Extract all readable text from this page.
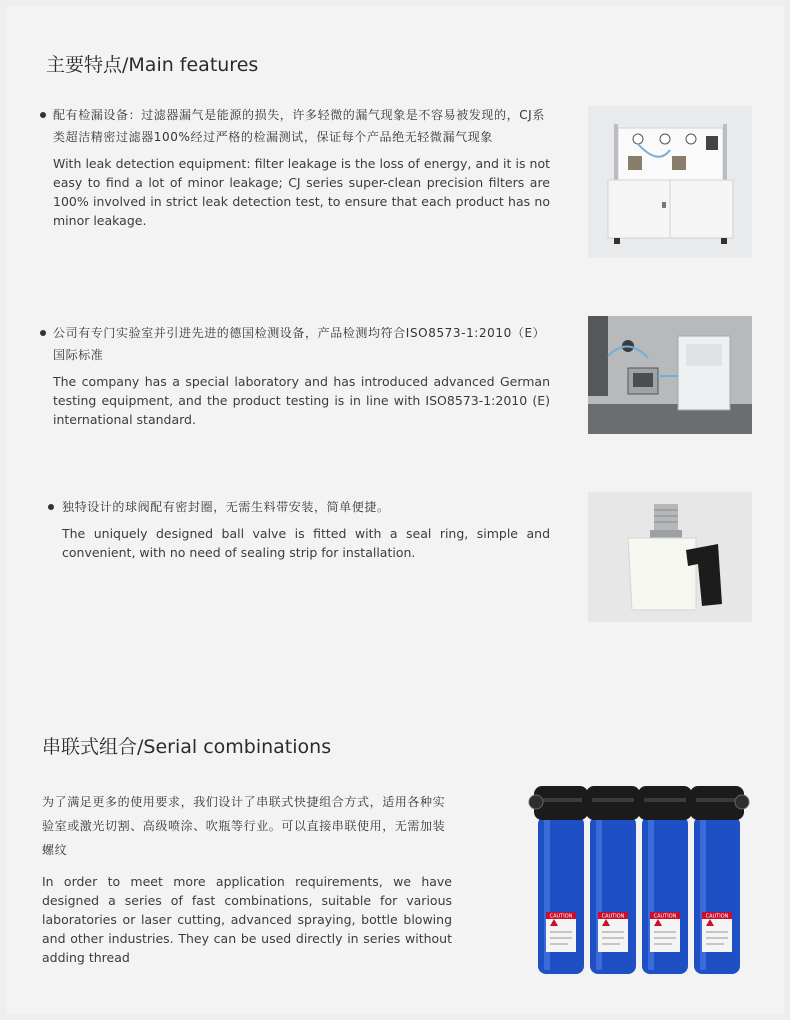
主要特点/Main features

配有检漏设备：过滤器漏气是能源的损失，许多轻微的漏气现象是不容易被发现的，CJ系类超洁精密过滤器100%经过严格的检漏测试，保证每个产品绝无轻微漏气现象

With leak detection equipment: filter leakage is the loss of energy, and it is not easy to find a lot of minor leakage; CJ series super-clean precision filters are 100% involved in strict leak detection test, to ensure that each product has no minor leakage.

公司有专门实验室并引进先进的德国检测设备，产品检测均符合ISO8573-1:2010（E）国际标准

The company has a special laboratory and has introduced advanced German testing equipment, and the product testing is in line with ISO8573-1:2010 (E) international standard.

独特设计的球阀配有密封圈，无需生料带安装，简单便捷。

The uniquely designed ball valve is fitted with a seal ring, simple and convenient, with no need of sealing strip for installation.

串联式组合/Serial combinations

为了满足更多的使用要求，我们设计了串联式快捷组合方式，适用各种实验室或激光切割、高级喷涂、吹瓶等行业。可以直接串联使用，无需加装螺纹

In order to meet more application requirements, we have designed a series of fast combinations, suitable for various laboratories or laser cutting, advanced spraying, bottle blowing and other industries. They can be used directly in series without adding thread

CAUTION	CAUTION	CAUTION	CAUTION
